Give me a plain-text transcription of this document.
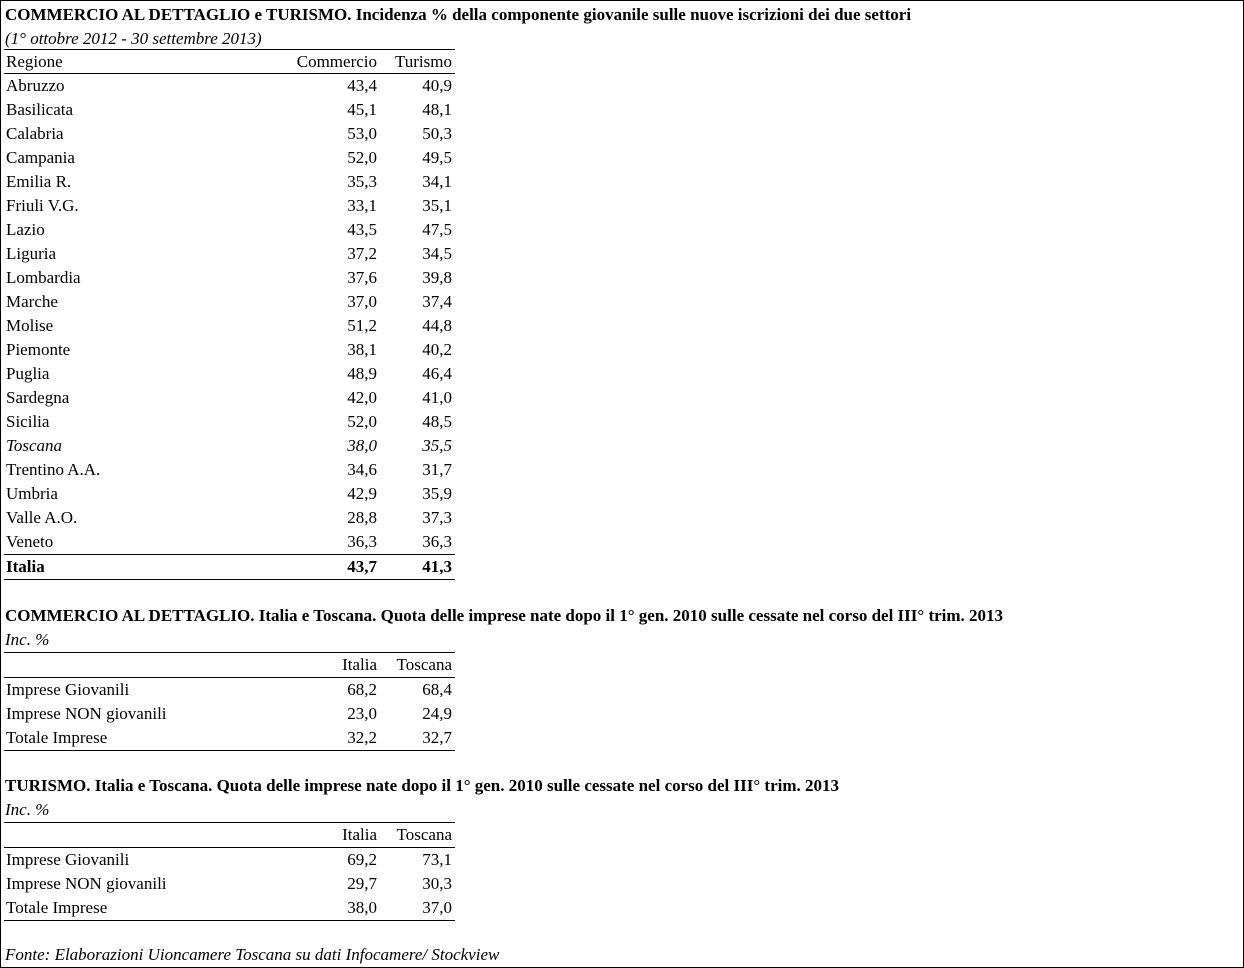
COMMERCIO AL DETTAGLIO e TURISMO. Incidenza % della componente giovanile sulle nuove iscrizioni dei due settori
(1° ottobre 2012 - 30 settembre 2013)
Regione	Commercio	Turismo
Abruzzo	43,4	40,9
Basilicata	45,1	48,1
Calabria	53,0	50,3
Campania	52,0	49,5
Emilia R.	35,3	34,1
Friuli V.G.	33,1	35,1
Lazio	43,5	47,5
Liguria	37,2	34,5
Lombardia	37,6	39,8
Marche	37,0	37,4
Molise	51,2	44,8
Piemonte	38,1	40,2
Puglia	48,9	46,4
Sardegna	42,0	41,0
Sicilia	52,0	48,5
Toscana	38,0	35,5
Trentino A.A.	34,6	31,7
Umbria	42,9	35,9
Valle A.O.	28,8	37,3
Veneto	36,3	36,3
Italia	43,7	41,3
COMMERCIO AL DETTAGLIO. Italia e Toscana. Quota delle imprese nate dopo il 1° gen. 2010 sulle cessate nel corso del III° trim. 2013
Inc. %
	Italia	Toscana
Imprese Giovanili	68,2	68,4
Imprese NON giovanili	23,0	24,9
Totale Imprese	32,2	32,7
TURISMO. Italia e Toscana. Quota delle imprese nate dopo il 1° gen. 2010 sulle cessate nel corso del III° trim. 2013
Inc. %
	Italia	Toscana
Imprese Giovanili	69,2	73,1
Imprese NON giovanili	29,7	30,3
Totale Imprese	38,0	37,0
Fonte: Elaborazioni Uioncamere Toscana su dati Infocamere/ Stockview
